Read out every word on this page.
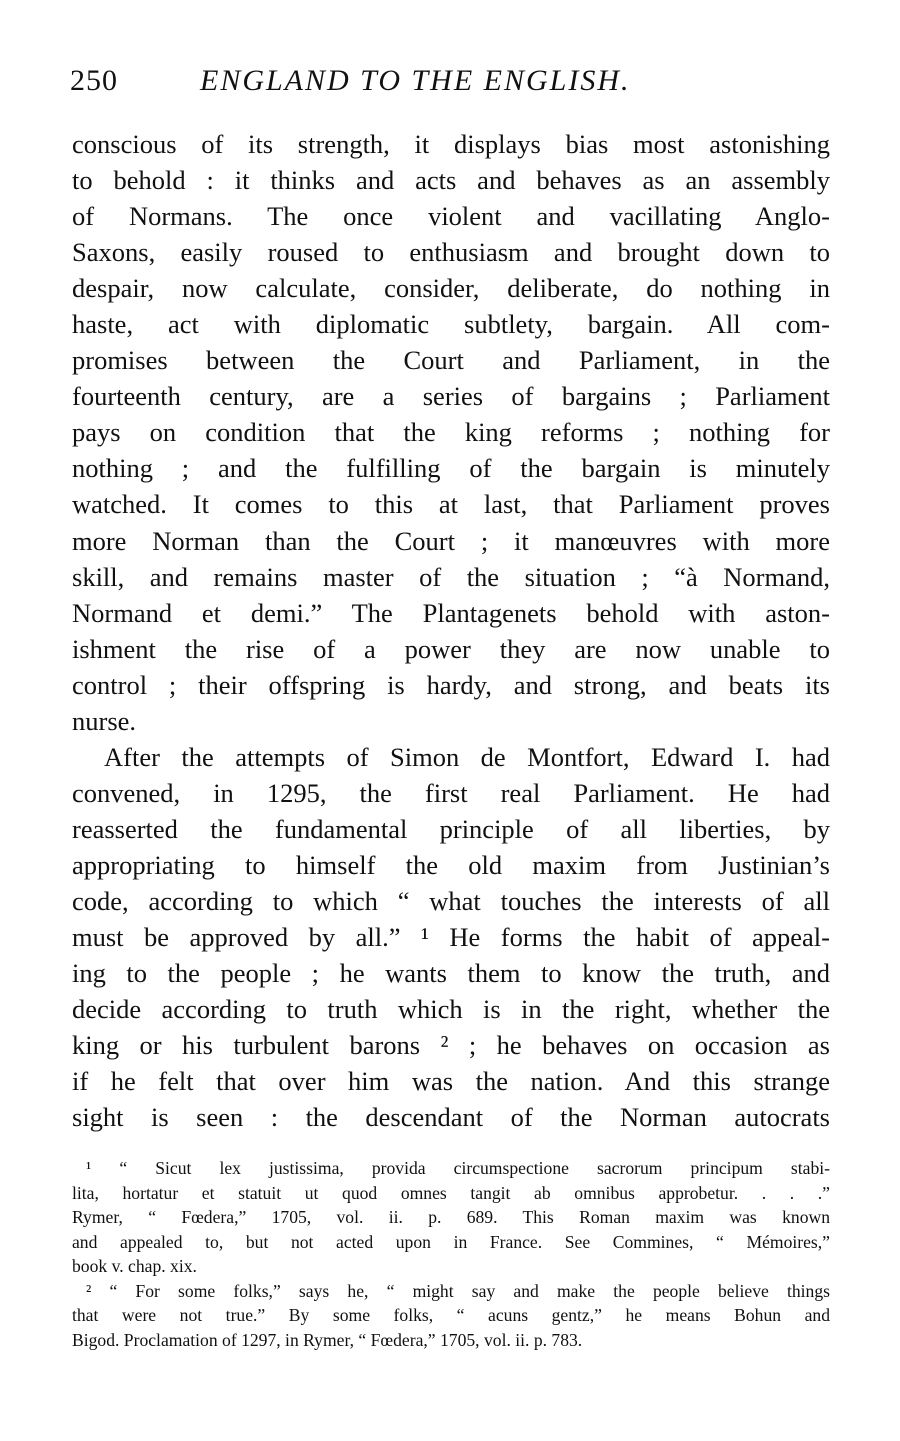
250	ENGLAND TO THE ENGLISH.
conscious of its strength, it displays bias most astonishing
to behold : it thinks and acts and behaves as an assembly
of Normans. The once violent and vacillating Anglo-
Saxons, easily roused to enthusiasm and brought down to
despair, now calculate, consider, deliberate, do nothing in
haste, act with diplomatic subtlety, bargain. All com-
promises between the Court and Parliament, in the
fourteenth century, are a series of bargains ; Parliament
pays on condition that the king reforms ; nothing for
nothing ; and the fulfilling of the bargain is minutely
watched. It comes to this at last, that Parliament proves
more Norman than the Court ; it manœuvres with more
skill, and remains master of the situation ; “à Normand,
Normand et demi.” The Plantagenets behold with aston-
ishment the rise of a power they are now unable to
control ; their offspring is hardy, and strong, and beats its
nurse.
After the attempts of Simon de Montfort, Edward I. had
convened, in 1295, the first real Parliament. He had
reasserted the fundamental principle of all liberties, by
appropriating to himself the old maxim from Justinian’s
code, according to which “ what touches the interests of all
must be approved by all.” ¹ He forms the habit of appeal-
ing to the people ; he wants them to know the truth, and
decide according to truth which is in the right, whether the
king or his turbulent barons ² ; he behaves on occasion as
if he felt that over him was the nation. And this strange
sight is seen : the descendant of the Norman autocrats
¹ “ Sicut lex justissima, provida circumspectione sacrorum principum stabi-
lita, hortatur et statuit ut quod omnes tangit ab omnibus approbetur. . . .”
Rymer, “ Fœdera,” 1705, vol. ii. p. 689. This Roman maxim was known
and appealed to, but not acted upon in France. See Commines, “ Mémoires,”
book v. chap. xix.
² “ For some folks,” says he, “ might say and make the people believe things
that were not true.” By some folks, “ acuns gentz,” he means Bohun and
Bigod. Proclamation of 1297, in Rymer, “ Fœdera,” 1705, vol. ii. p. 783.
